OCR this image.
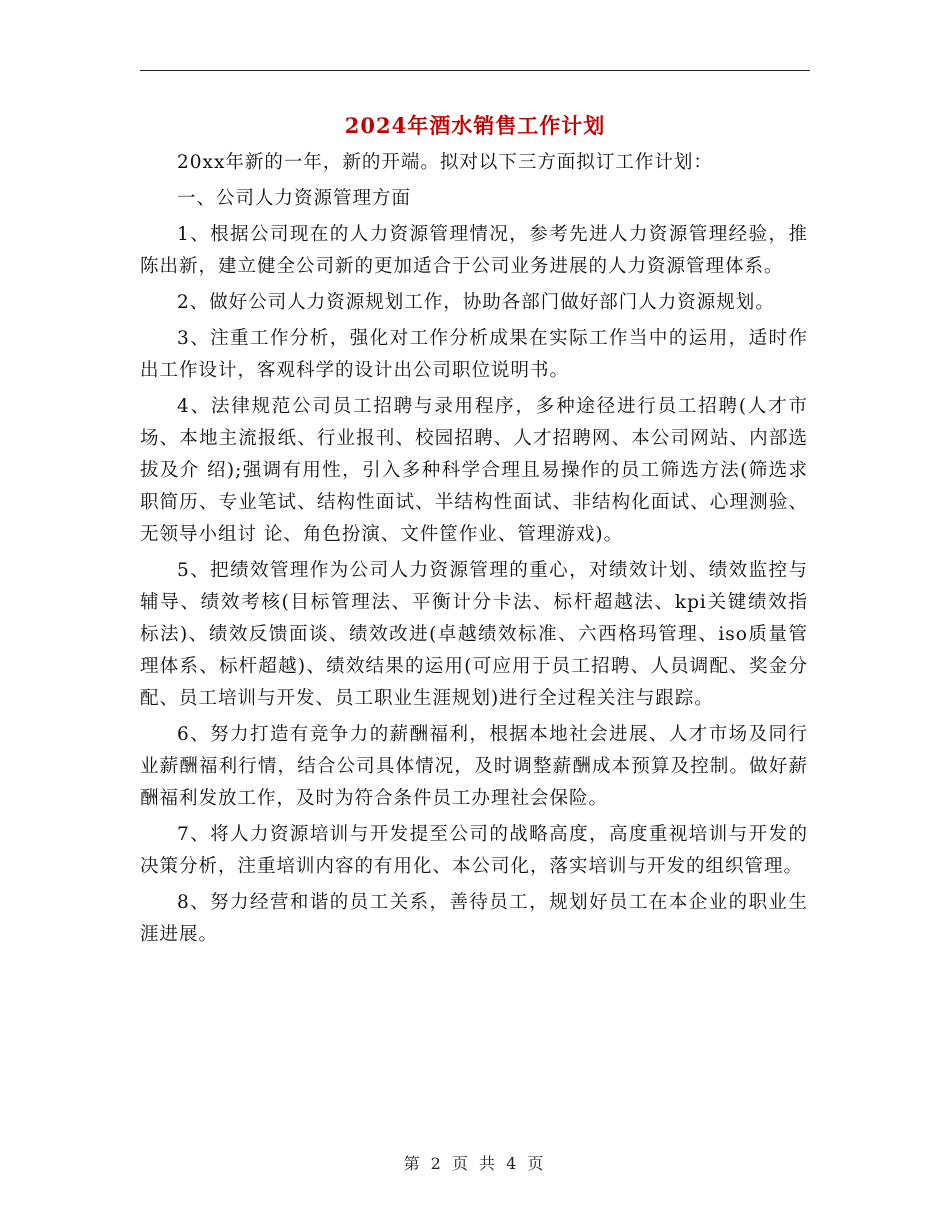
2024年酒水销售工作计划

20xx年新的一年，新的开端。拟对以下三方面拟订工作计划：

一、公司人力资源管理方面

1、根据公司现在的人力资源管理情况，参考先进人力资源管理经验，推陈出新，建立健全公司新的更加适合于公司业务进展的人力资源管理体系。

2、做好公司人力资源规划工作，协助各部门做好部门人力资源规划。

3、注重工作分析，强化对工作分析成果在实际工作当中的运用，适时作出工作设计，客观科学的设计出公司职位说明书。

4、法律规范公司员工招聘与录用程序，多种途径进行员工招聘(人才市场、本地主流报纸、行业报刊、校园招聘、人才招聘网、本公司网站、内部选拔及介 绍);强调有用性，引入多种科学合理且易操作的员工筛选方法(筛选求职简历、专业笔试、结构性面试、半结构性面试、非结构化面试、心理测验、无领导小组讨 论、角色扮演、文件筐作业、管理游戏)。

5、把绩效管理作为公司人力资源管理的重心，对绩效计划、绩效监控与辅导、绩效考核(目标管理法、平衡计分卡法、标杆超越法、kpi关键绩效指 标法)、绩效反馈面谈、绩效改进(卓越绩效标准、六西格玛管理、iso质量管理体系、标杆超越)、绩效结果的运用(可应用于员工招聘、人员调配、奖金分 配、员工培训与开发、员工职业生涯规划)进行全过程关注与跟踪。

6、努力打造有竞争力的薪酬福利，根据本地社会进展、人才市场及同行业薪酬福利行情，结合公司具体情况，及时调整薪酬成本预算及控制。做好薪酬福利发放工作，及时为符合条件员工办理社会保险。

7、将人力资源培训与开发提至公司的战略高度，高度重视培训与开发的决策分析，注重培训内容的有用化、本公司化，落实培训与开发的组织管理。

8、努力经营和谐的员工关系，善待员工，规划好员工在本企业的职业生涯进展。

第 2 页 共 4 页
